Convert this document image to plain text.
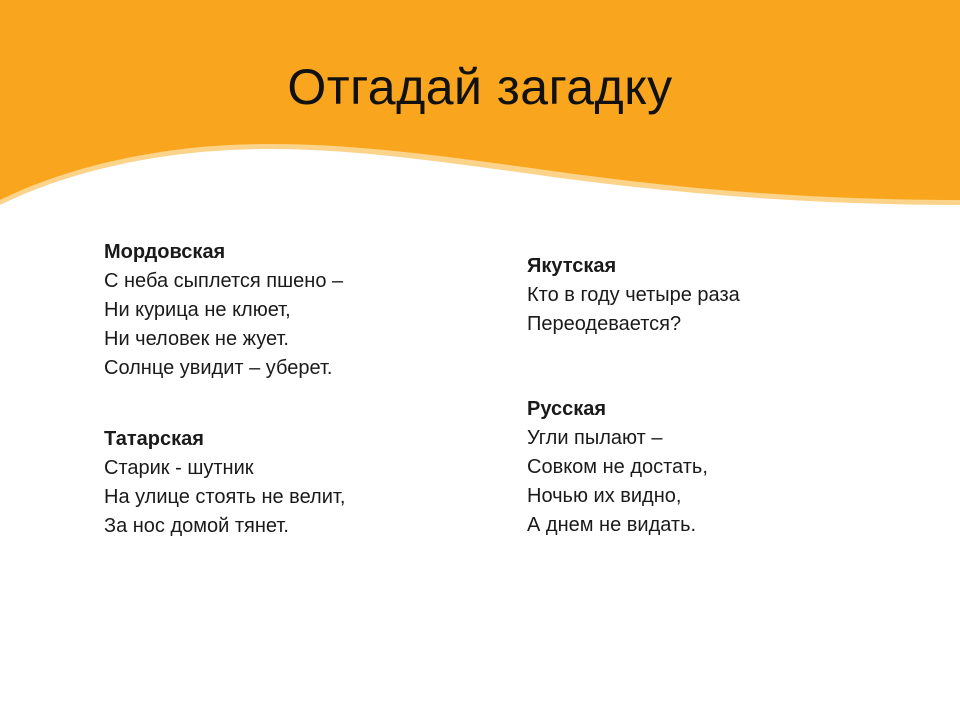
Отгадай загадку
Мордовская
С неба сыплется пшено –
Ни курица не клюет,
Ни человек не жует.
Солнце увидит – уберет.
Татарская
Старик - шутник
На улице стоять не велит,
За нос домой тянет.
Якутская
Кто в году четыре раза
Переодевается?
Русская
Угли пылают –
Совком не достать,
Ночью их видно,
А днем не видать.
